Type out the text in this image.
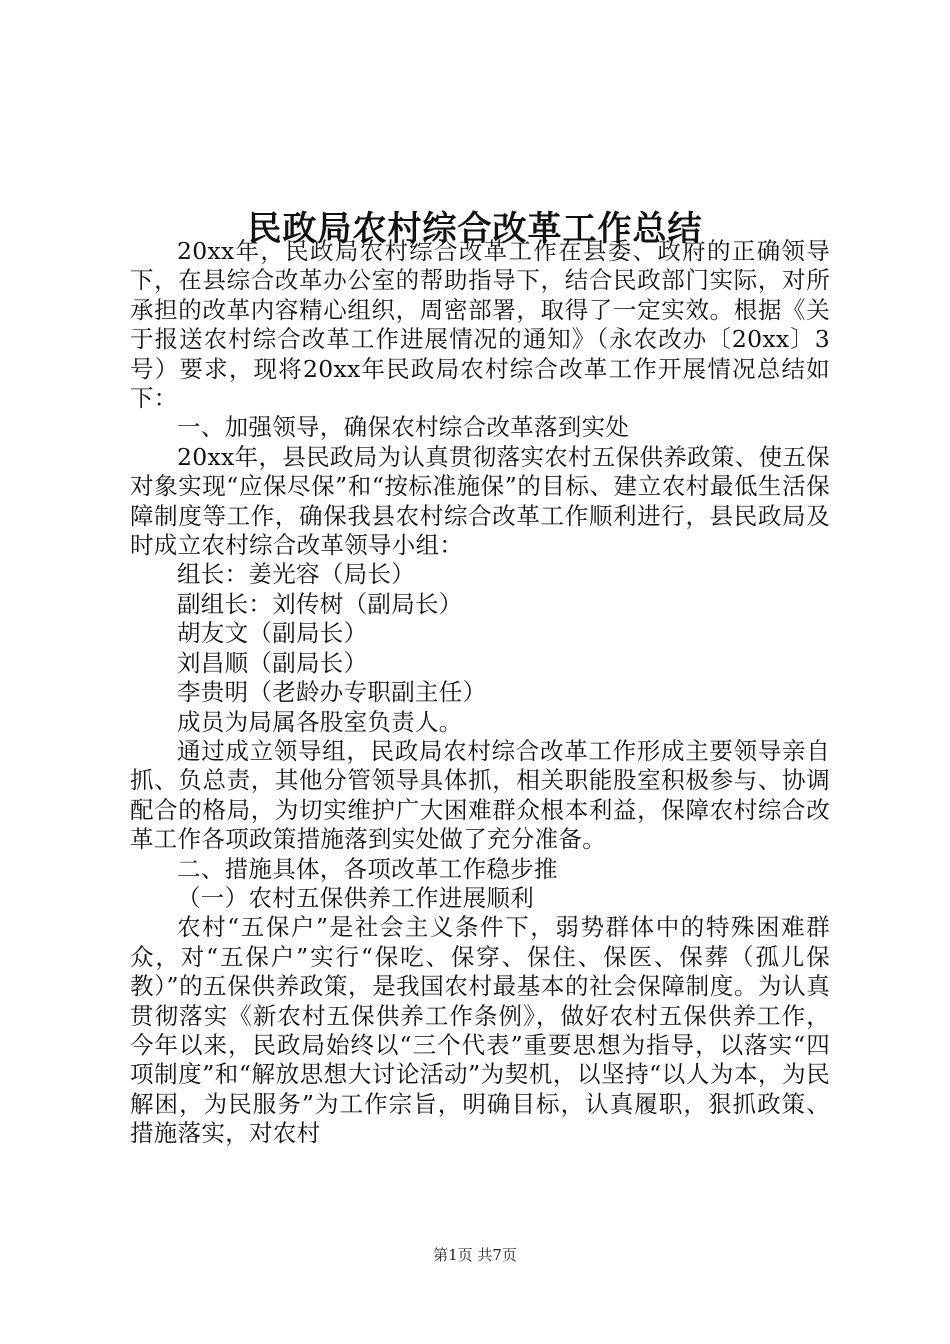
民政局农村综合改革工作总结

20xx年，民政局农村综合改革工作在县委、政府的正确领导下，在县综合改革办公室的帮助指导下，结合民政部门实际，对所承担的改革内容精心组织，周密部署，取得了一定实效。根据《关于报送农村综合改革工作进展情况的通知》（永农改办〔20xx〕3号）要求，现将20xx年民政局农村综合改革工作开展情况总结如下：

一、加强领导，确保农村综合改革落到实处

20xx年，县民政局为认真贯彻落实农村五保供养政策、使五保对象实现“应保尽保”和“按标准施保”的目标、建立农村最低生活保障制度等工作，确保我县农村综合改革工作顺利进行，县民政局及时成立农村综合改革领导小组：

组长：姜光容（局长）

副组长：刘传树（副局长）

胡友文（副局长）

刘昌顺（副局长）

李贵明（老龄办专职副主任）

成员为局属各股室负责人。

通过成立领导组，民政局农村综合改革工作形成主要领导亲自抓、负总责，其他分管领导具体抓，相关职能股室积极参与、协调配合的格局，为切实维护广大困难群众根本利益，保障农村综合改革工作各项政策措施落到实处做了充分准备。

二、措施具体，各项改革工作稳步推

（一）农村五保供养工作进展顺利

农村“五保户”是社会主义条件下，弱势群体中的特殊困难群众，对“五保户”实行“保吃、保穿、保住、保医、保葬（孤儿保教）”的五保供养政策，是我国农村最基本的社会保障制度。为认真贯彻落实《新农村五保供养工作条例》，做好农村五保供养工作，今年以来，民政局始终以“三个代表”重要思想为指导，以落实“四项制度”和“解放思想大讨论活动”为契机，以坚持“以人为本，为民解困，为民服务”为工作宗旨，明确目标，认真履职，狠抓政策、措施落实，对农村

第1页 共7页
